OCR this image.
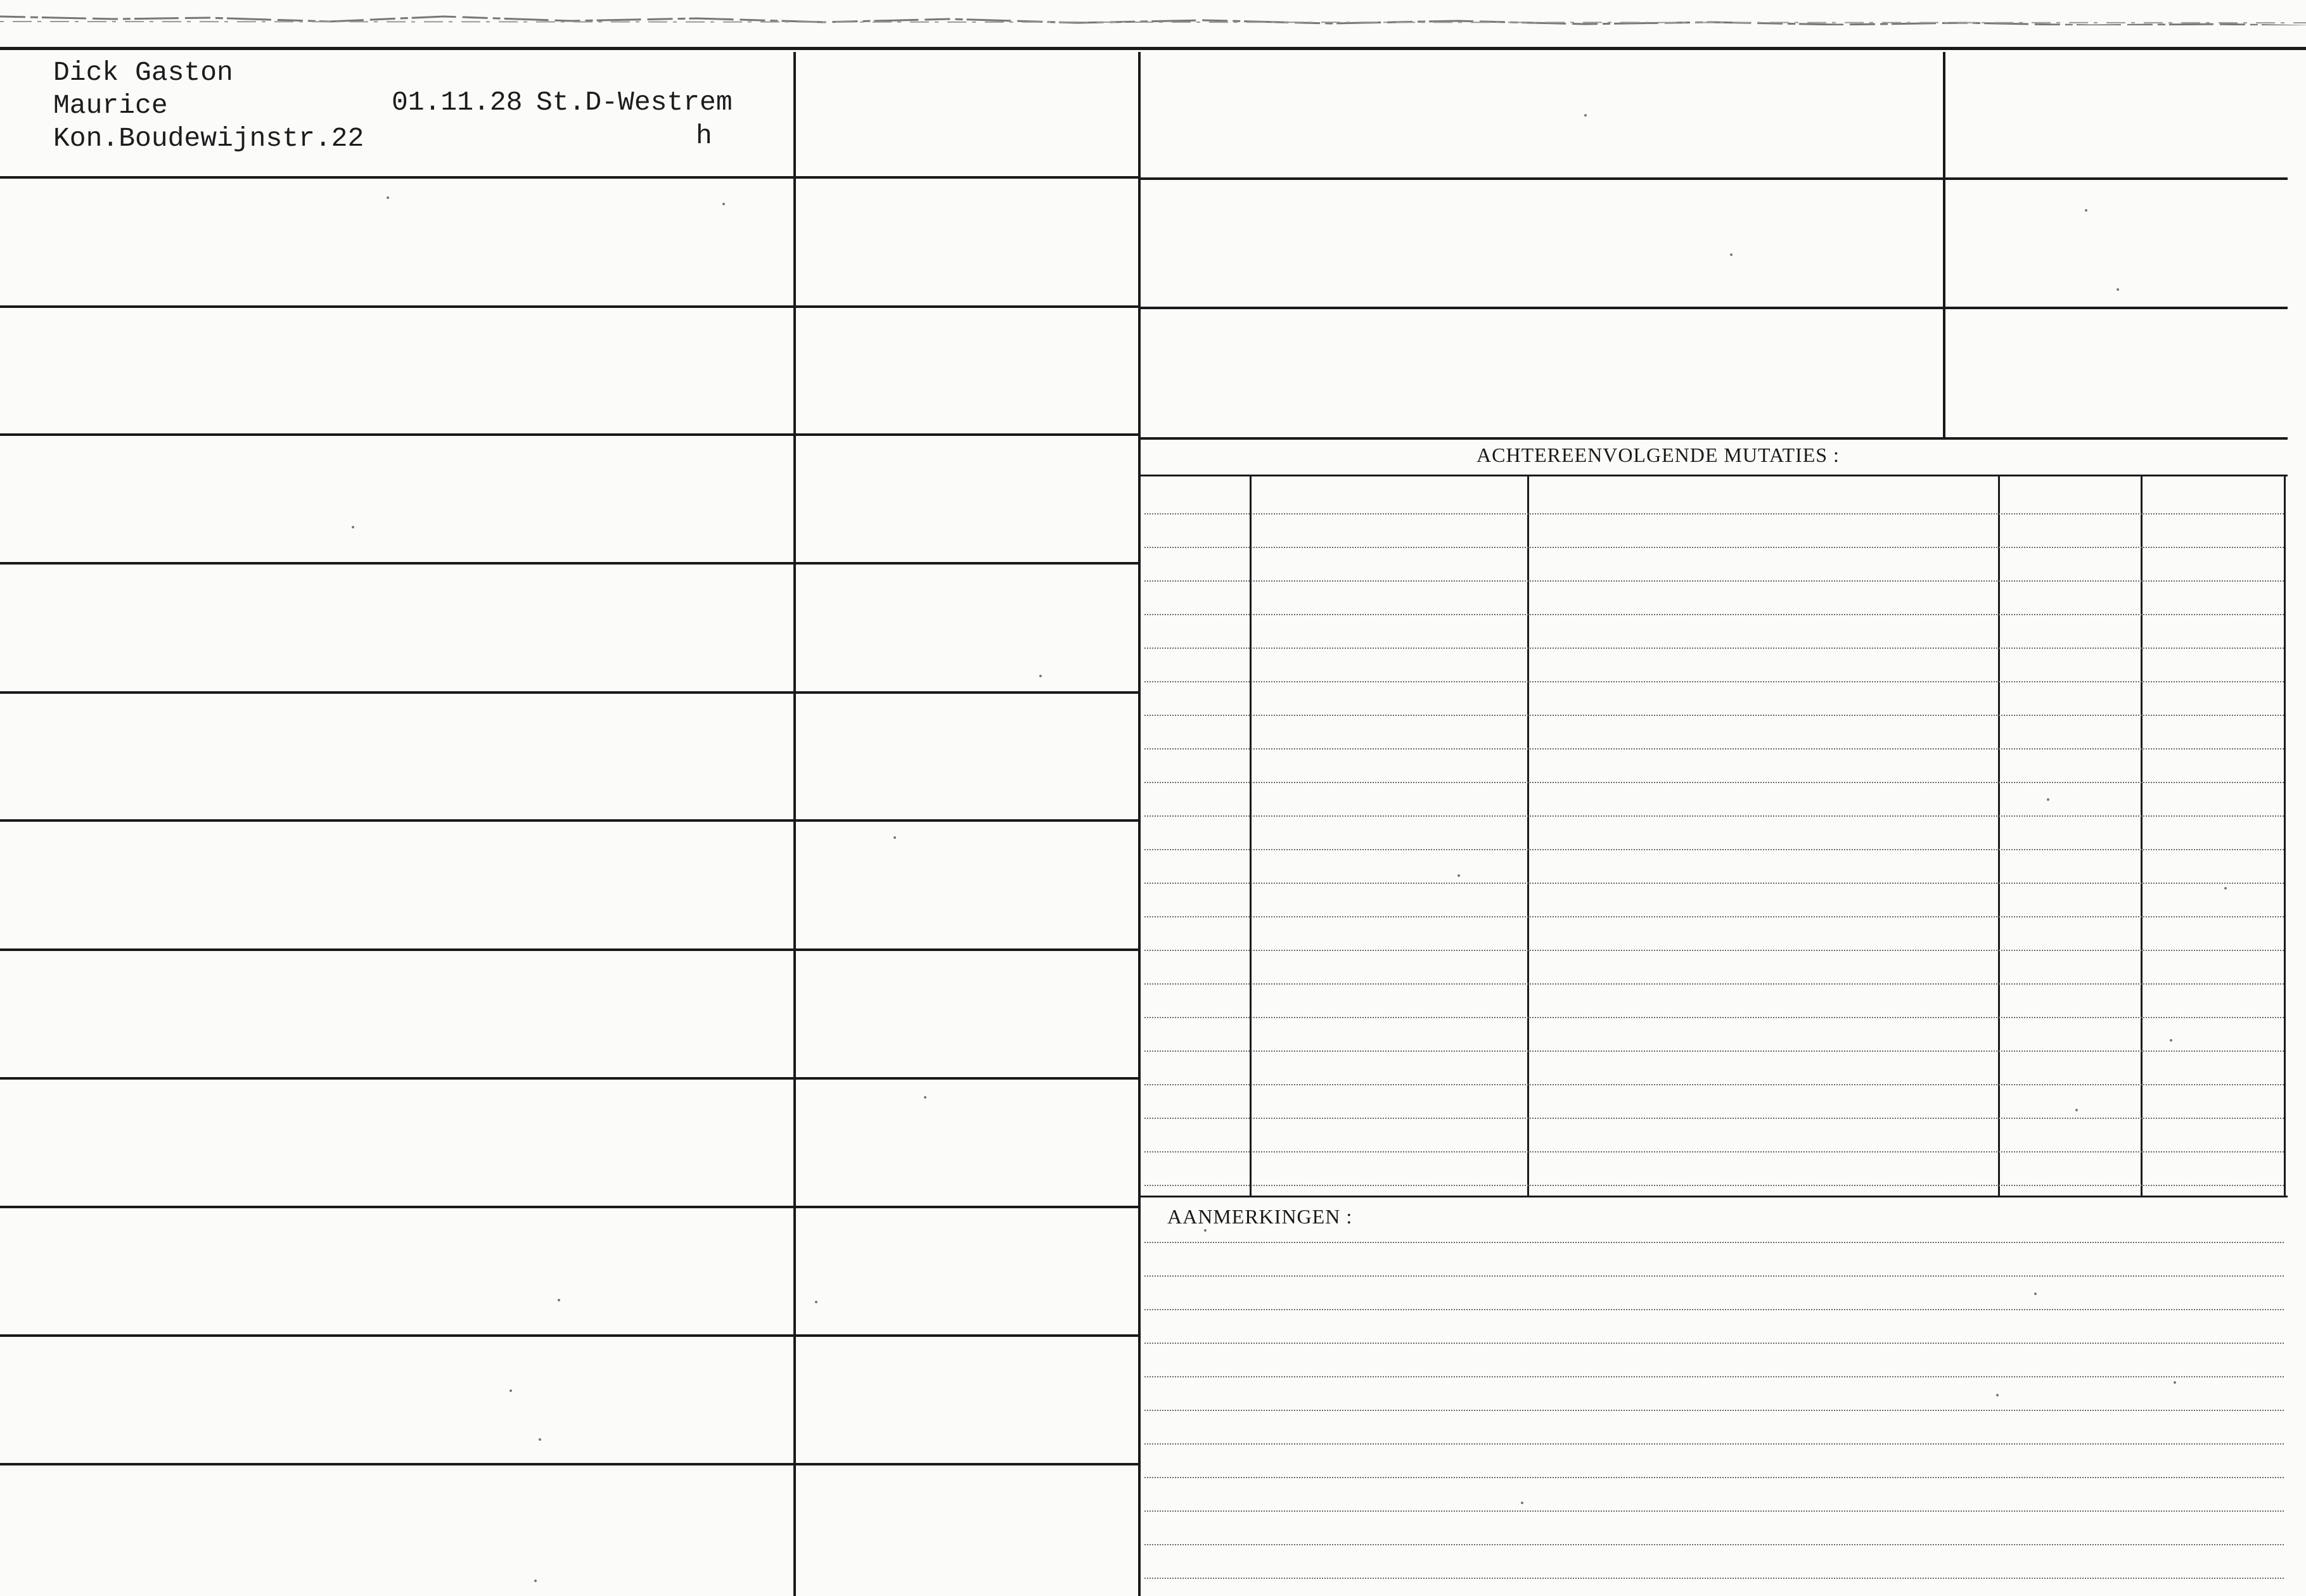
ACHTEREENVOLGENDE MUTATIES :
AANMERKINGEN :
Dick Gaston
Maurice
Kon.Boudewijnstr.22
01.11.28 St.D-Westrem
h
